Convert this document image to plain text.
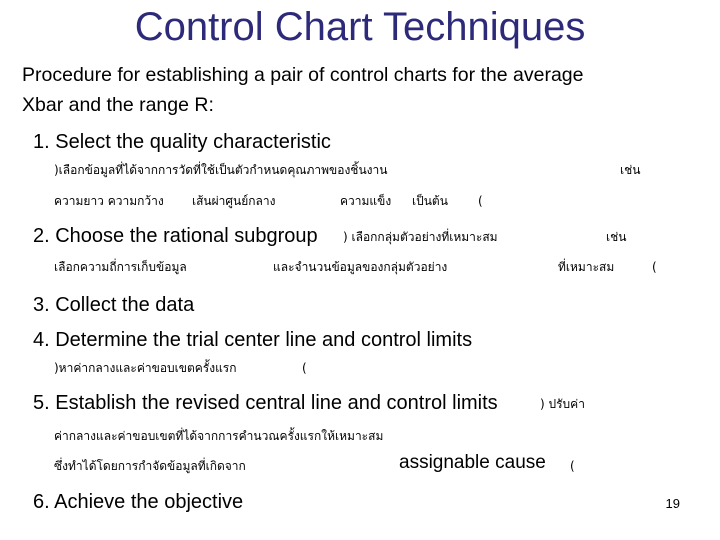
Control Chart Techniques
Procedure for establishing a pair of control charts for the average
Xbar and the range R:
1. Select the quality characteristic
)เลือกข้อมูลที่ได้จากการวัดที่ใช้เป็นตัวกำหนดคุณภาพของชิ้นงาน	เช่น
ความยาว ความกว้าง เส้นผ่าศูนย์กลาง	ความแข็ง เป็นต้น	(
2. Choose the rational subgroup ) เลือกกลุ่มตัวอย่างที่เหมาะสม	เช่น
เลือกความถี่การเก็บข้อมูล	และจำนวนข้อมูลของกลุ่มตัวอย่าง	ที่เหมาะสม	(
3. Collect the data
4. Determine the trial center line and control limits
)หาค่ากลางและค่าขอบเขตครั้งแรก	(
5. Establish the revised central line and control limits	) ปรับค่า
ค่ากลางและค่าขอบเขตที่ได้จากการคำนวณครั้งแรกให้เหมาะสม
ซึ่งทำได้โดยการกำจัดข้อมูลที่เกิดจาก	assignable cause (
6. Achieve the objective	19
